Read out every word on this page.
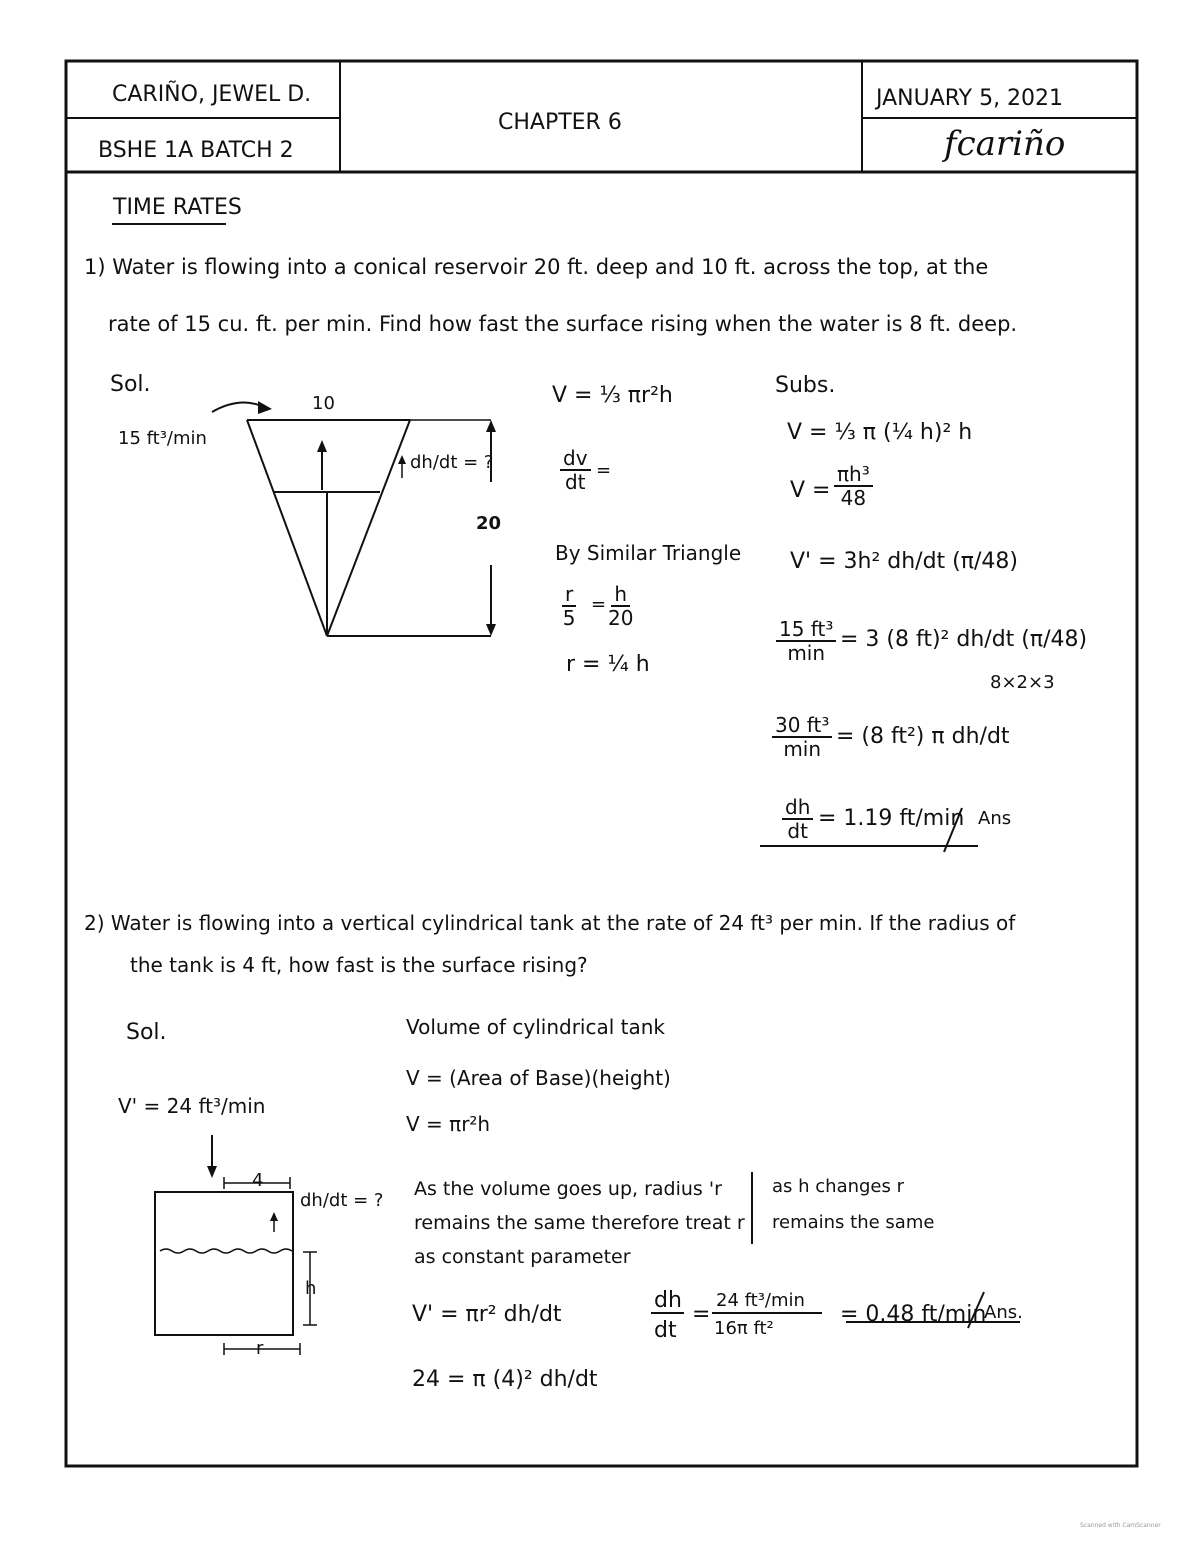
CARIÑO, JEWEL D.
BSHE 1A BATCH 2
CHAPTER 6
JANUARY 5, 2021
fcariño
TIME RATES
1) Water is flowing into a conical reservoir 20 ft. deep and 10 ft. across the top, at the
rate of 15 cu. ft. per min. Find how fast the surface rising when the water is 8 ft. deep.
Sol.
15 ft³/min
10
20
dh/dt = ?
V = ⅓ πr²h
$\frac{dv}{dt}$ =
By Similar Triangle
$\frac{r}{5} = \frac{h}{20}$
r = ¼ h
Subs.
V = ⅓ π (¼ h)² h
$V = \frac{\text{πh³}}{48}$
V' = 3h² dh/dt (π/48)
15 ft³
min
= 3 (8 ft)² dh/dt (π/48)
8×2×3
30 ft³
min = (8 ft²) π dh/dt
$\frac{dh}{dt} = 1.19$ ft/min Ans
2) Water is flowing into a vertical cylindrical tank at the rate of 24 ft³ per min. If the radius of
the tank is 4 ft, how fast is the surface rising?
Sol.
V' = 24 ft³/min
4
dh/dt = ?
h
r
Volume of cylindrical tank
V = (Area of Base)(height)
V = πr²h
As the volume goes up, radius 'r
remains the same therefore treat r
as constant parameter
as h changes r
remains the same
V' = πr² dh/dt
24 = π (4)² dh/dt
dh
dt
=
24 ft³/min
16π ft²
= 0.48 ft/min
Ans.
Scanned with CamScanner
